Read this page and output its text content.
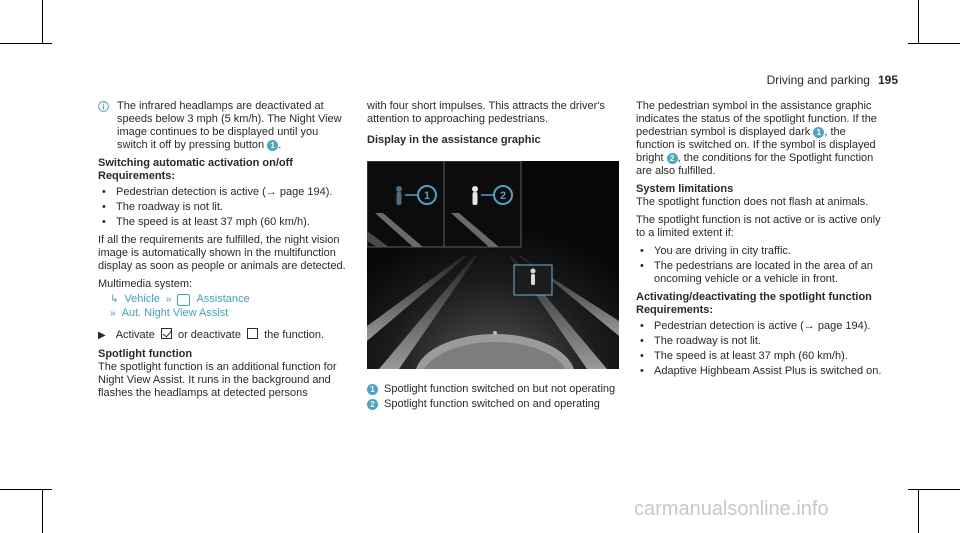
Driving and parking 195
The infrared headlamps are deactivated at speeds below 3 mph (5 km/h). The Night View image continues to be displayed until you switch it off by pressing button 1 .
Switching automatic activation on/off
Requirements:
• Pedestrian detection is active (→ page 194).
• The roadway is not lit.
• The speed is at least 37 mph (60 km/h).

If all the requirements are fulfilled, the night vision image is automatically shown in the multifunction display as soon as people or animals are detected.

Multimedia system:
↳ Vehicle » Assistance
» Aut. Night View Assist
▶ Activate or deactivate the function.
Spotlight function

The spotlight function is an additional function for Night View Assist. It runs in the background and flashes the headlamps at detected persons

with four short impulses. This attracts the driver's attention to approaching pedestrians.

Display in the assistance graphic
1	2
1 Spotlight function switched on but not operating
2 Spotlight function switched on and operating

The pedestrian symbol in the assistance graphic indicates the status of the spotlight function. If the pedestrian symbol is displayed dark 1 , the function is switched on. If the symbol is displayed bright 2 , the conditions for the Spotlight function are also fulfilled.

System limitations

The spotlight function does not flash at animals.

The spotlight function is not active or is active only to a limited extent if:

• You are driving in city traffic.
• The pedestrians are located in the area of an oncoming vehicle or a vehicle in front.
Activating/deactivating the spotlight function
Requirements:
• Pedestrian detection is active (→ page 194).
• The roadway is not lit.
• The speed is at least 37 mph (60 km/h).
• Adaptive Highbeam Assist Plus is switched on.
carmanualsonline.info
